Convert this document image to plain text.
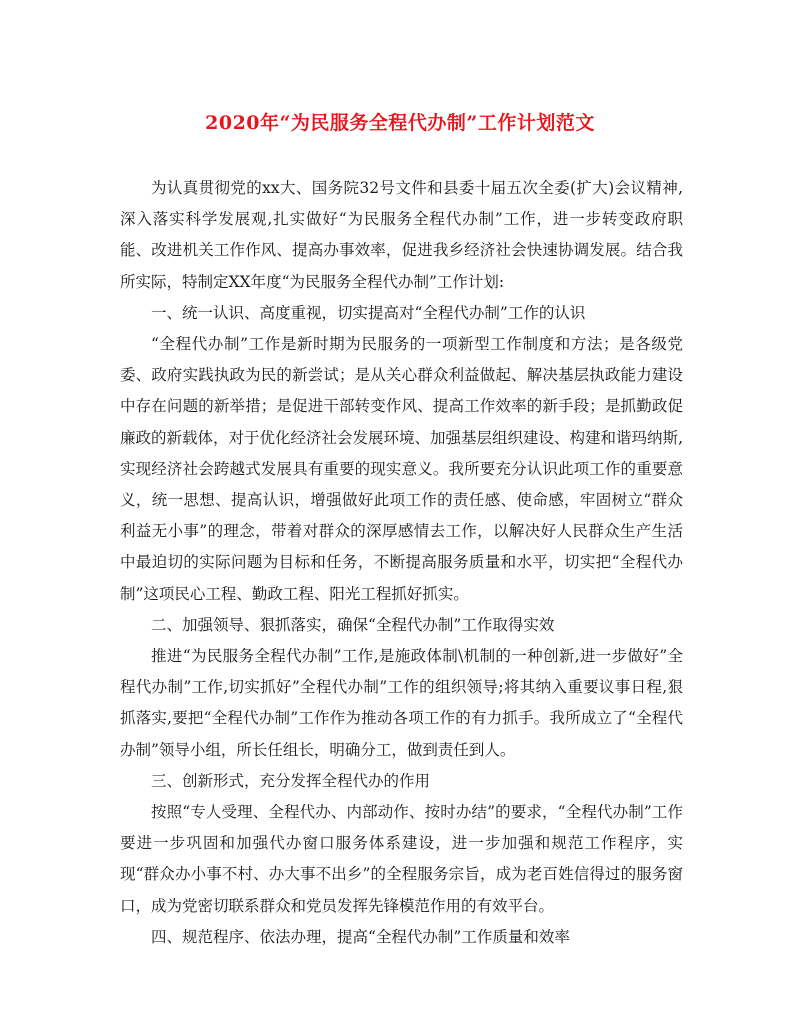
2020年“为民服务全程代办制”工作计划范文

为认真贯彻党的xx大、国务院32号文件和县委十届五次全委(扩大)会议精神,深入落实科学发展观,扎实做好“为民服务全程代办制”工作，进一步转变政府职能、改进机关工作作风、提高办事效率，促进我乡经济社会快速协调发展。结合我所实际，特制定XX年度“为民服务全程代办制”工作计划:

一、统一认识、高度重视，切实提高对“全程代办制”工作的认识

“全程代办制”工作是新时期为民服务的一项新型工作制度和方法；是各级党委、政府实践执政为民的新尝试；是从关心群众利益做起、解决基层执政能力建设中存在问题的新举措；是促进干部转变作风、提高工作效率的新手段；是抓勤政促廉政的新载体，对于优化经济社会发展环境、加强基层组织建设、构建和谐玛纳斯,实现经济社会跨越式发展具有重要的现实意义。我所要充分认识此项工作的重要意义，统一思想、提高认识，增强做好此项工作的责任感、使命感，牢固树立“群众利益无小事”的理念，带着对群众的深厚感情去工作，以解决好人民群众生产生活中最迫切的实际问题为目标和任务，不断提高服务质量和水平，切实把“全程代办制”这项民心工程、勤政工程、阳光工程抓好抓实。

二、加强领导、狠抓落实，确保“全程代办制”工作取得实效

推进“为民服务全程代办制”工作,是施政体制\机制的一种创新,进一步做好”全程代办制”工作,切实抓好”全程代办制”工作的组织领导;将其纳入重要议事日程,狠抓落实,要把“全程代办制”工作作为推动各项工作的有力抓手。我所成立了“全程代办制”领导小组，所长任组长，明确分工，做到责任到人。

三、创新形式，充分发挥全程代办的作用

按照“专人受理、全程代办、内部动作、按时办结”的要求，“全程代办制”工作要进一步巩固和加强代办窗口服务体系建设，进一步加强和规范工作程序，实现“群众办小事不村、办大事不出乡”的全程服务宗旨，成为老百姓信得过的服务窗口，成为党密切联系群众和党员发挥先锋模范作用的有效平台。

四、规范程序、依法办理，提高“全程代办制”工作质量和效率
